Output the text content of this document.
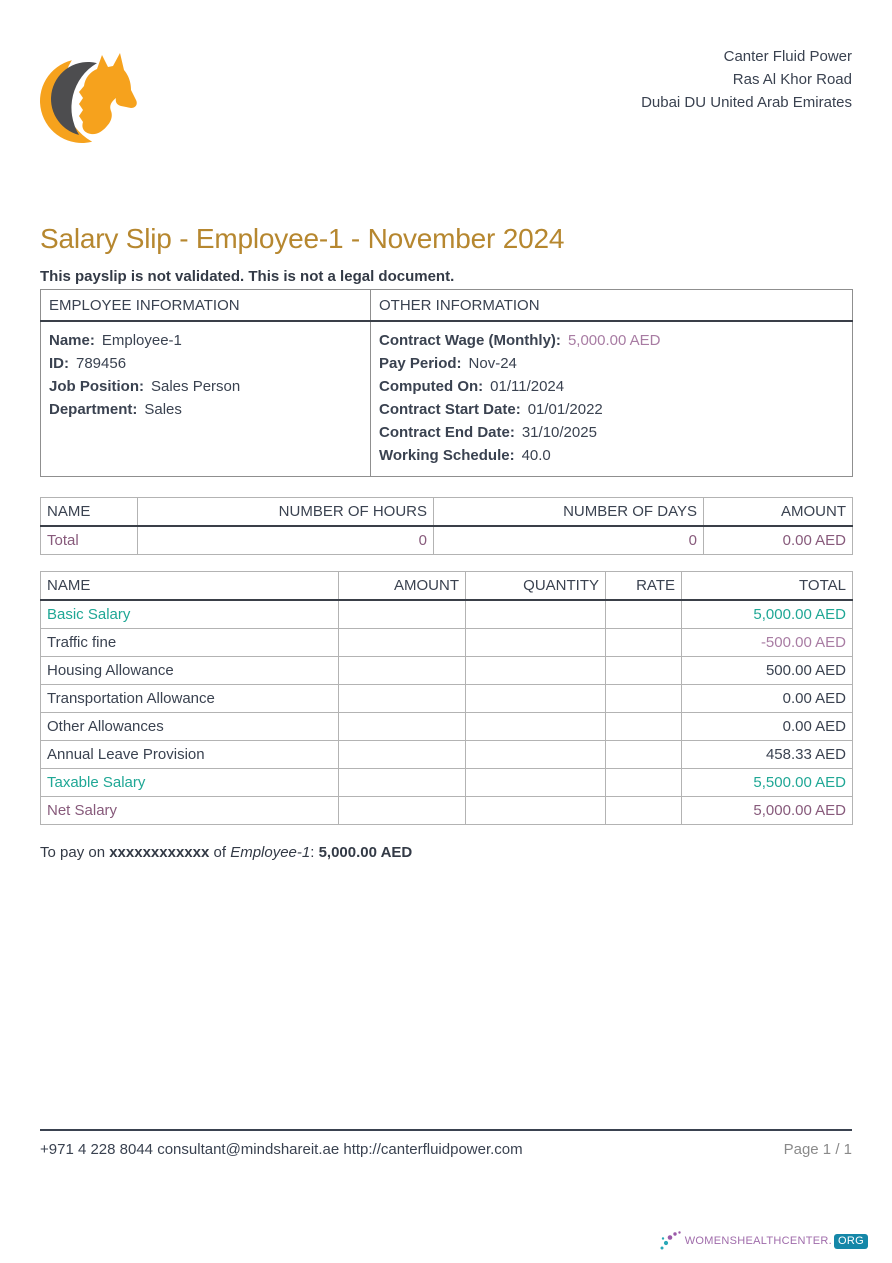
Canter Fluid Power
Ras Al Khor Road
Dubai DU United Arab Emirates
Salary Slip - Employee-1 - November 2024
This payslip is not validated. This is not a legal document.
EMPLOYEE INFORMATION	OTHER INFORMATION

Name: Employee-1
ID: 789456
Job Position: Sales Person
Department: Sales

Contract Wage (Monthly): 5,000.00 AED
Pay Period: Nov-24
Computed On: 01/11/2024
Contract Start Date: 01/01/2022
Contract End Date: 31/10/2025
Working Schedule: 40.0
NAME	NUMBER OF HOURS	NUMBER OF DAYS	AMOUNT
Total	0	0	0.00 AED
NAME	AMOUNT	QUANTITY	RATE	TOTAL
Basic Salary				5,000.00 AED
Traffic fine				-500.00 AED
Housing Allowance				500.00 AED
Transportation Allowance				0.00 AED
Other Allowances				0.00 AED
Annual Leave Provision				458.33 AED
Taxable Salary				5,500.00 AED
Net Salary				5,000.00 AED
To pay on xxxxxxxxxxxx of Employee-1: 5,000.00 AED
+971 4 228 8044 consultant@mindshareit.ae http://canterfluidpower.com	Page 1 / 1
WOMENSHEALTHCENTER. ORG
